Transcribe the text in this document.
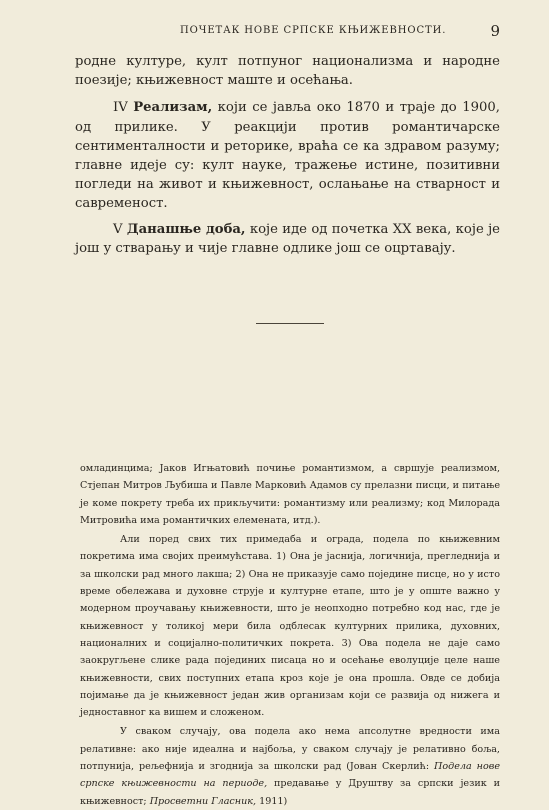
ПОЧЕТАК НОВЕ СРПСКЕ КЊИЖЕВНОСТИ.	9

родне културе, култ потпуног национализма и народне поезије; књижевност маште и осећања.

IV Реализам, који се јавља око 1870 и траје до 1900, од прилике. У реакцији против романтичарске сентименталности и реторике, враћа се ка здравом разуму; главне идеје су: култ науке, тражење истине, позитивни погледи на живот и књижевност, ослањање на стварност и савременост.

V Данашње доба, које иде од почетка XX века, које је још у стварању и чије главне одлике још се оцртавају.

омладинцима; Јаков Игњатовић почиње романтизмом, а свршује реализмом, Стјепан Митров Љубиша и Павле Марковић Адамов су прелазни писци, и питање је коме покрету треба их прикључити: романтизму или реализму; код Милорада Митровића има романтичких елемената, итд.).

Али поред свих тих примедаба и ограда, подела по књижевним покретима има својих преимућстава. 1) Она је јаснија, логичнија, прегледнија и за школски рад много лакша; 2) Она не приказује само поједине писце, но у исто време обележава и духовне струје и културне етапе, што је у опште важно у модерном проучавању књижевности, што је неопходно потребно код нас, где је књижевност у толикој мери била одблесак културних прилика, духовних, националних и социјално-политичких покрета. 3) Ова подела не даје само заокругљене слике рада појединих писаца но и осећање еволуције целе наше књижевности, свих поступних етапа кроз које је она прошла. Овде се добија појимање да је књижевност један жив организам који се развија од нижега и једноставног ка вишем и сложеном.

У сваком случају, ова подела ако нема апсолутне вредности има релативне: ако није идеална и најбоља, у сваком случају је релативно боља, потпунија, рељефнија и згоднија за школски рад (Јован Скерлић: Подела нове српске књижевности на периоде, предавање у Друштву за српски језик и књижевност; Просветни Гласник, 1911)
